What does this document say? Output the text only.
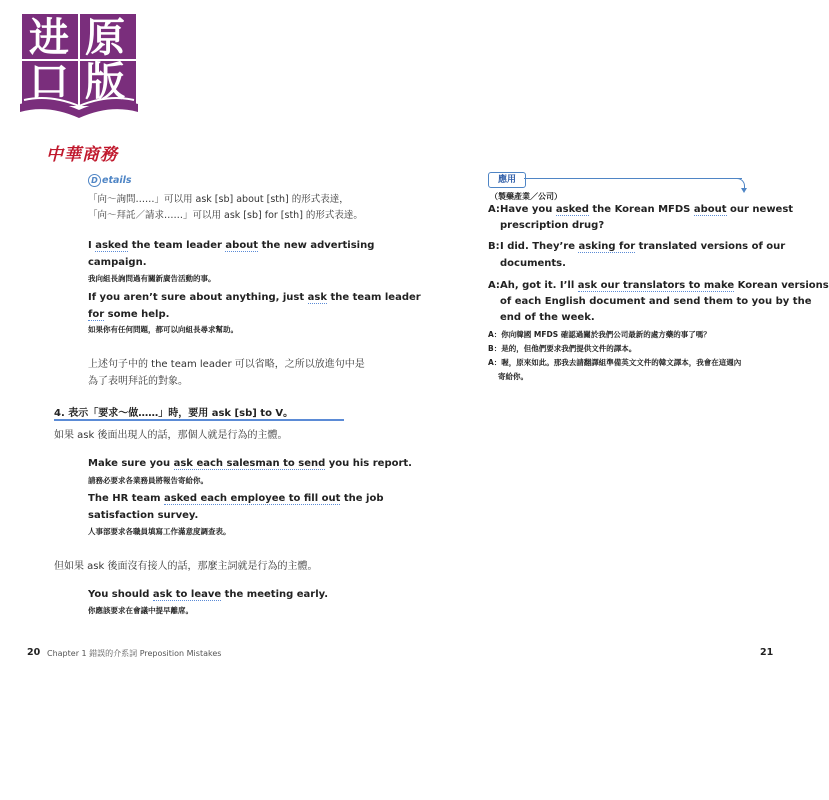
进 原
口 版
中華商務
D etails
「向～詢問……」可以用 ask [sb] about [sth] 的形式表達，
「向～拜託／請求……」可以用 ask [sb] for [sth] 的形式表達。
I asked the team leader about the new advertising
campaign.
我向組長詢問過有關新廣告活動的事。
If you aren’t sure about anything, just ask the team leader
for some help.
如果你有任何問題，都可以向組長尋求幫助。
上述句子中的 the team leader 可以省略，之所以放進句中是
為了表明拜託的對象。
4. 表示「要求～做……」時，要用 ask [sb] to V。
如果 ask 後面出現人的話，那個人就是行為的主體。
Make sure you ask each salesman to send you his report.
請務必要求各業務員將報告寄給你。
The HR team asked each employee to fill out the job
satisfaction survey.
人事部要求各職員填寫工作滿意度調查表。
但如果 ask 後面沒有接人的話，那麼主詞就是行為的主體。
You should ask to leave the meeting early.
你應該要求在會議中提早離席。
應用
（製藥產業／公司）
A: Have you asked the Korean MFDS about our newest
prescription drug?
B: I did. They’re asking for translated versions of our
documents.
A: Ah, got it. I’ll ask our translators to make Korean versions
of each English document and send them to you by the
end of the week.
A：你向韓國 MFDS 確認過關於我們公司最新的處方藥的事了嗎？
B：是的，但他們要求我們提供文件的譯本。
A：喔，原來如此。那我去請翻譯組準備英文文件的韓文譯本，我會在這週內
寄給你。
20 Chapter 1 錯誤的介系詞 Preposition Mistakes	21
